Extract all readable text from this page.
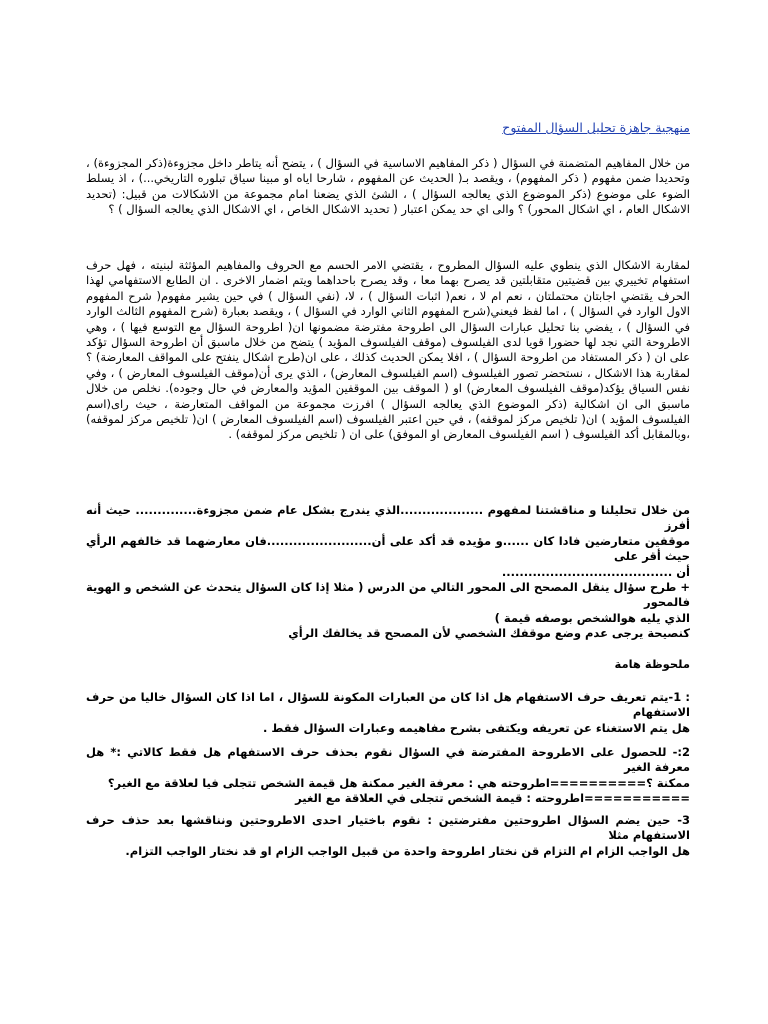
منهجية جاهزة تحليل السؤال المفتوح
من خلال المفاهيم المتضمنة في السؤال ( ذكر المفاهيم الاساسية في السؤال ) ، يتضح أنه يتاطر داخل مجزوءة(ذكر المجزوءة) ، وتحديدا ضمن مفهوم ( ذكر المفهوم) ، ويقصد بـ( الحديث عن المفهوم ، شارحا اياه او مبينا سياق تبلوره التاريخي...) ، اذ يسلط الضوء على موضوع (ذكر الموضوع الذي يعالجه السؤال ) ، الشئ الذي يضعنا امام مجموعة من الاشكالات من قبيل: (تحديد الاشكال العام ، اي اشكال المحور) ؟ والى اي حد يمكن اعتبار ( تحديد الاشكال الخاص ، اي الاشكال الذي يعالجه السؤال ) ؟
لمقاربة الاشكال الذي ينطوي عليه السؤال المطروح ، يقتضي الامر الحسم مع الحروف والمفاهيم المؤثثة لبنيته ، فهل حرف استفهام تخييري بين قضيتين متقابلتين قد يصرح بهما معا ، وقد يصرح باحداهما ويتم اضمار الاخرى . ان الطابع الاستفهامي لهذا الحرف يقتضي اجابتان محتملتان ، نعم ام لا ، نعم( اثبات السؤال ) ، لا، (نفي السؤال ) في حين يشير مفهوم( شرح المفهوم الاول الوارد في السؤال ) ، اما لفظ فيعني(شرح المفهوم الثاني الوارد في السؤال ) ، ويقصد بعبارة (شرح المفهوم الثالث الوارد في السؤال ) ، يفضي بنا تحليل عبارات السؤال الى اطروحة مفترضة مضمونها ان( اطروحة السؤال مع التوسع فيها ) ، وهي الاطروحة التي نجد لها حضورا قويا لدى الفيلسوف (موقف الفيلسوف المؤيد ) يتضح من خلال ماسبق أن اطروحة السؤال تؤكد على ان ( ذكر المستفاد من اطروحة السؤال ) ، افلا يمكن الحديث كذلك ، على ان(طرح اشكال ينفتح على المواقف المعارضة) ؟ لمقاربة هذا الاشكال ، نستحضر تصور الفيلسوف (اسم الفيلسوف المعارض) ، الذي يرى أن(موقف الفيلسوف المعارض ) ، وفي نفس السياق يؤكد(موقف الفيلسوف المعارض) او ( الموقف بين الموقفين المؤيد والمعارض في حال وجوده). نخلص من خلال ماسبق الى ان اشكالية (ذكر الموضوع الذي يعالجه السؤال ) افرزت مجموعة من المواقف المتعارضة ، حيث راى(اسم الفيلسوف المؤيد ) ان( تلخيص مركز لموقفه) ، في حين اعتبر الفيلسوف (اسم الفيلسوف المعارض ) ان( تلخيص مركز لموقفه) ،وبالمقابل أكد الفيلسوف ( اسم الفيلسوف المعارض او الموفق) على ان ( تلخيص مركز لموقفه) .
من خلال تحليلنا و مناقشتنا لمفهوم ...................الذي يندرج بشكل عام ضمن مجزوءة.............. حيث أنه أفرز
موقفين متعارضين فادا كان ......و مؤيده قد أكد على أن........................فان معارضهما قد خالفهم الرأي حيث أقر على
أن .......................................
+ طرح سؤال ينقل المصحح الى المحور التالي من الدرس ( مثلا إذا كان السؤال يتحدث عن الشخص و الهوية فالمحور
الذي يليه هوالشخص بوصفه قيمة )
كنصيحة يرجى عدم وضع موقفك الشخصي لأن المصحح قد يخالفك الرأي
ملحوظة هامة
: 1-يتم تعريف حرف الاستفهام هل اذا كان من العبارات المكونة للسؤال ، اما اذا كان السؤال خاليا من حرف الاستفهام
هل يتم الاستغناء عن تعريفه ويكتفى بشرح مفاهيمه وعبارات السؤال فقط .
2:- للحصول على الاطروحة المفترضة في السؤال نقوم بحذف حرف الاستفهام هل فقط كالاتي :* هل معرفة الغير
ممكنة ؟==========اطروحته هي : معرفة الغير ممكنة هل قيمة الشخص تتجلى فيا لعلاقة مع الغير؟
===========اطروحته : قيمة الشخص تتجلى في العلاقة مع الغير
3- حين يضم السؤال اطروحتين مفترضتين : نقوم باختيار احدى الاطروحتين ونناقشها بعد حذف حرف الاستفهام مثلا
هل الواجب الزام ام التزام قن نختار اطروحة واحدة من قبيل الواجب الزام او قد نختار الواجب التزام.
